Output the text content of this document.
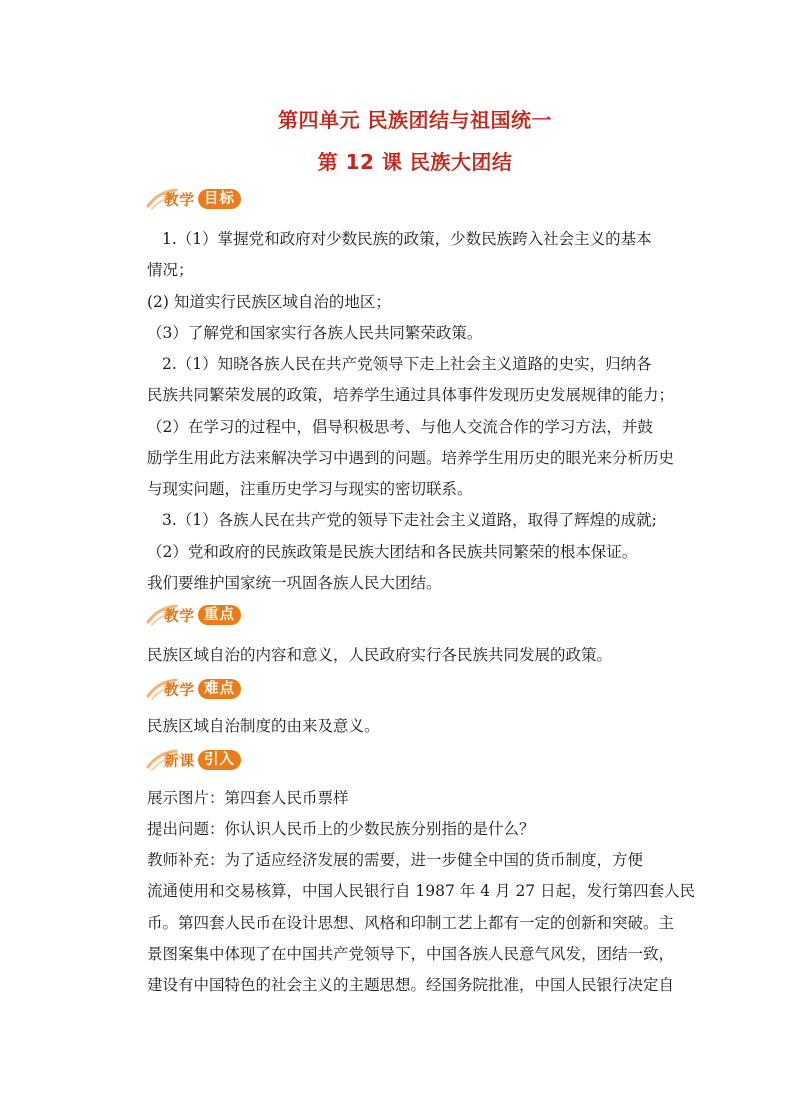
第四单元 民族团结与祖国统一
第 12 课 民族大团结
教学 目标
1.（1）掌握党和政府对少数民族的政策，少数民族跨入社会主义的基本
情况；
(2) 知道实行民族区域自治的地区；
（3）了解党和国家实行各族人民共同繁荣政策。
2.（1）知晓各族人民在共产党领导下走上社会主义道路的史实，归纳各
民族共同繁荣发展的政策，培养学生通过具体事件发现历史发展规律的能力；
（2）在学习的过程中，倡导积极思考、与他人交流合作的学习方法，并鼓
励学生用此方法来解决学习中遇到的问题。培养学生用历史的眼光来分析历史
与现实问题，注重历史学习与现实的密切联系。
3.（1）各族人民在共产党的领导下走社会主义道路，取得了辉煌的成就;
（2）党和政府的民族政策是民族大团结和各民族共同繁荣的根本保证。
我们要维护国家统一巩固各族人民大团结。
教学 重点
民族区域自治的内容和意义，人民政府实行各民族共同发展的政策。
教学 难点
民族区域自治制度的由来及意义。
新课 引入
展示图片：第四套人民币票样
提出问题：你认识人民币上的少数民族分别指的是什么？
教师补充：为了适应经济发展的需要，进一步健全中国的货币制度，方便
流通使用和交易核算，中国人民银行自 1987 年 4 月 27 日起，发行第四套人民
币。第四套人民币在设计思想、风格和印制工艺上都有一定的创新和突破。主
景图案集中体现了在中国共产党领导下，中国各族人民意气风发，团结一致，
建设有中国特色的社会主义的主题思想。经国务院批准，中国人民银行决定自
